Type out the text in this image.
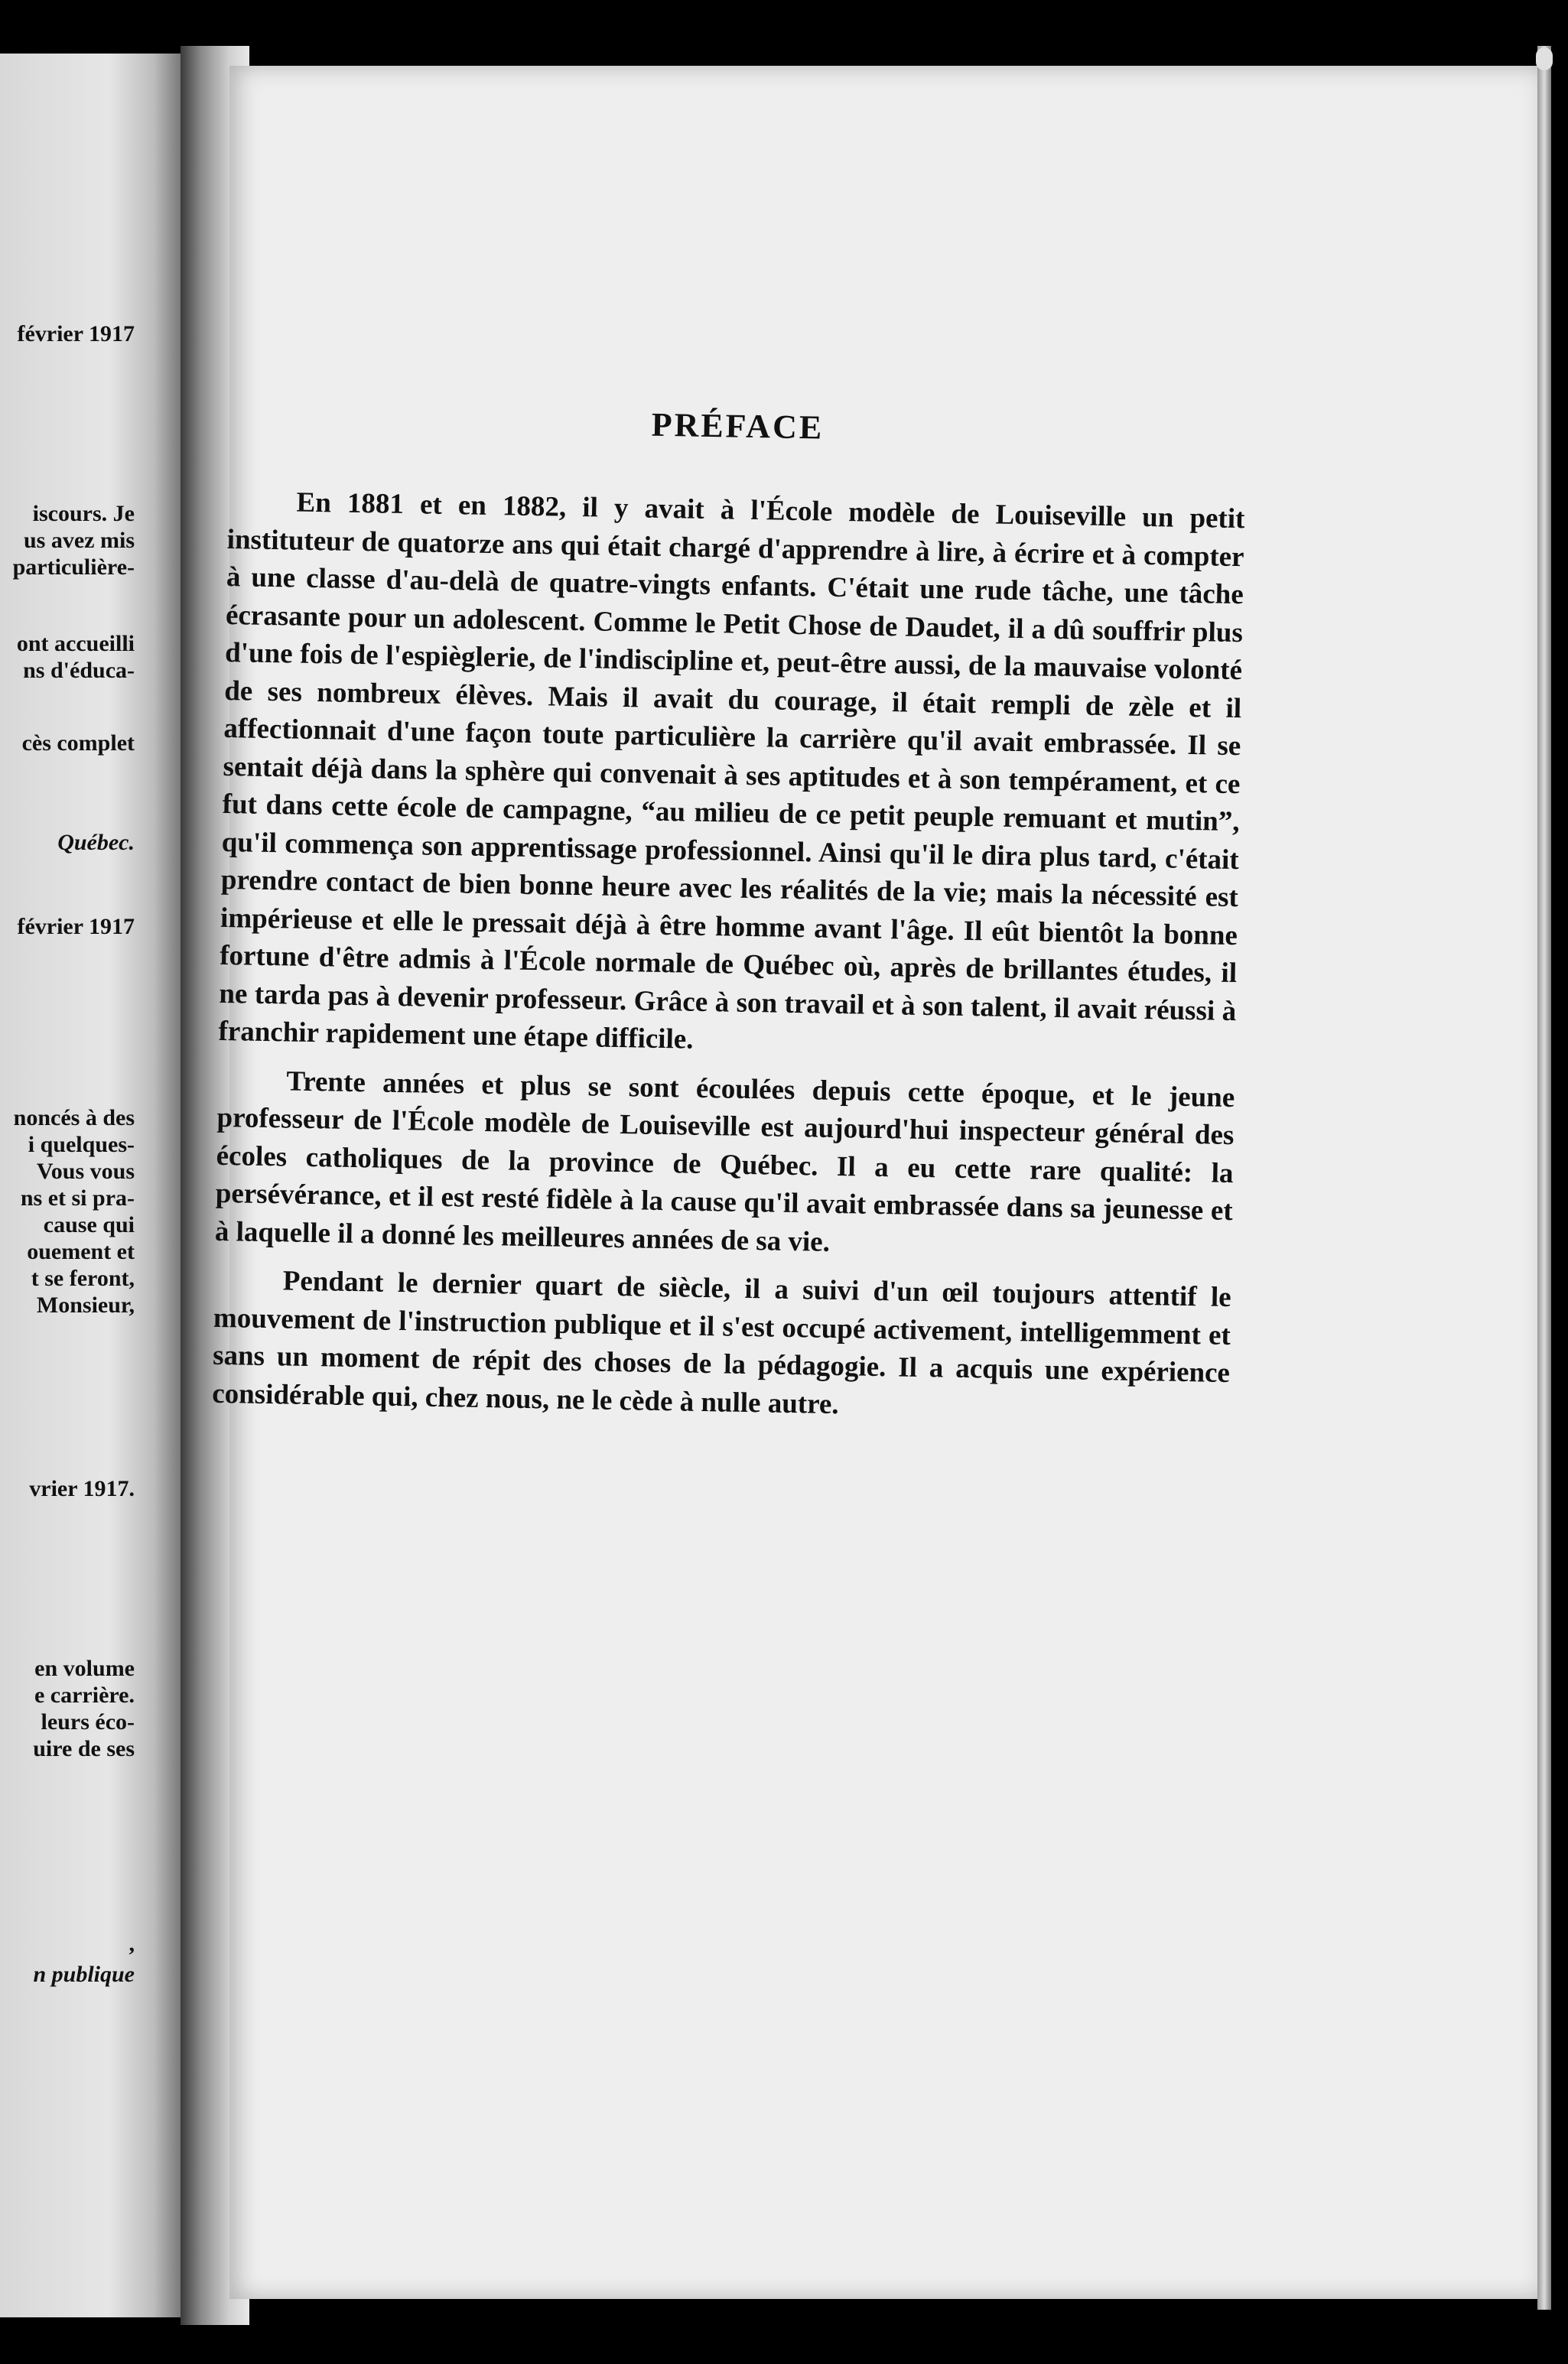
février 1917
iscours. Je
us avez mis
particulière-
ont accueilli
ns d'éduca-
cès complet
Québec.
février 1917
noncés à des
i quelques-
Vous vous
ns et si pra-
cause qui
ouement et
t se feront,
Monsieur,
vrier 1917.
en volume
e carrière.
leurs éco-
uire de ses
,
n publique
PRÉFACE

En 1881 et en 1882, il y avait à l'École modèle de Louiseville un petit instituteur de quatorze ans qui était chargé d'apprendre à lire, à écrire et à compter à une classe d'au-delà de quatre-vingts enfants. C'était une rude tâche, une tâche écrasante pour un adolescent. Comme le Petit Chose de Daudet, il a dû souffrir plus d'une fois de l'espièglerie, de l'indiscipline et, peut-être aussi, de la mauvaise volonté de ses nombreux élèves. Mais il avait du courage, il était rempli de zèle et il affectionnait d'une façon toute particulière la carrière qu'il avait embrassée. Il se sentait déjà dans la sphère qui convenait à ses aptitudes et à son tempérament, et ce fut dans cette école de campagne, “au milieu de ce petit peuple remuant et mutin”, qu'il commença son apprentissage professionnel. Ainsi qu'il le dira plus tard, c'était prendre contact de bien bonne heure avec les réalités de la vie; mais la nécessité est impérieuse et elle le pressait déjà à être homme avant l'âge. Il eût bientôt la bonne fortune d'être admis à l'École normale de Québec où, après de brillantes études, il ne tarda pas à devenir professeur. Grâce à son travail et à son talent, il avait réussi à franchir rapidement une étape difficile.

Trente années et plus se sont écoulées depuis cette époque, et le jeune professeur de l'École modèle de Louiseville est aujourd'hui inspecteur général des écoles catholiques de la province de Québec. Il a eu cette rare qualité: la persévérance, et il est resté fidèle à la cause qu'il avait embrassée dans sa jeunesse et à laquelle il a donné les meilleures années de sa vie.

Pendant le dernier quart de siècle, il a suivi d'un œil toujours attentif le mouvement de l'instruction publique et il s'est occupé activement, intelligemment et sans un moment de répit des choses de la pédagogie. Il a acquis une expérience considérable qui, chez nous, ne le cède à nulle autre.
